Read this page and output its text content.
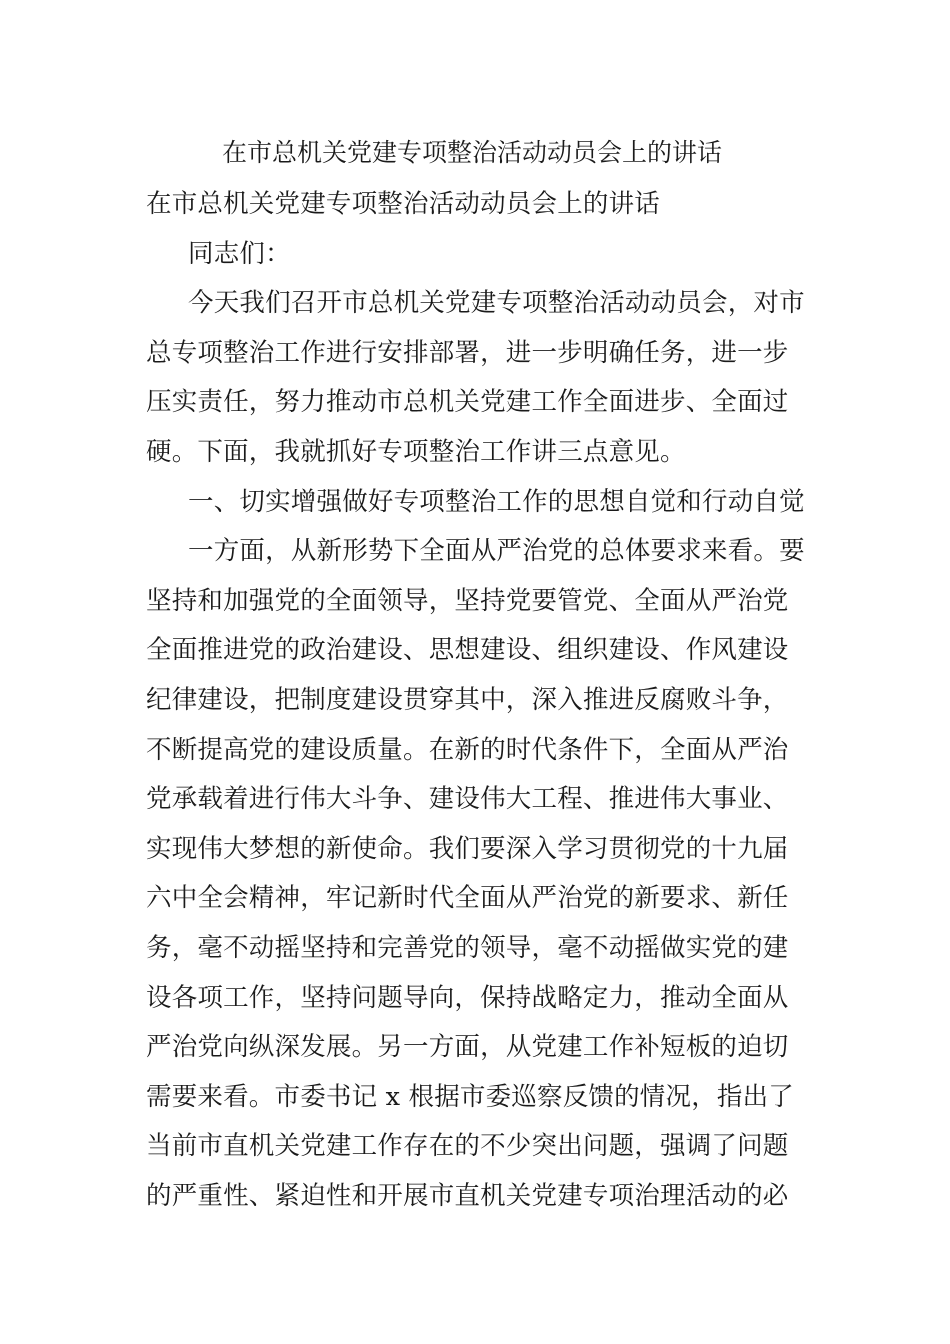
在市总机关党建专项整治活动动员会上的讲话
在市总机关党建专项整治活动动员会上的讲话
同志们：
今天我们召开市总机关党建专项整治活动动员会，对市
总专项整治工作进行安排部署，进一步明确任务，进一步
压实责任，努力推动市总机关党建工作全面进步、全面过
硬。下面，我就抓好专项整治工作讲三点意见。
一、切实增强做好专项整治工作的思想自觉和行动自觉
一方面，从新形势下全面从严治党的总体要求来看。要
坚持和加强党的全面领导，坚持党要管党、全面从严治党
全面推进党的政治建设、思想建设、组织建设、作风建设
纪律建设，把制度建设贯穿其中，深入推进反腐败斗争，
不断提高党的建设质量。在新的时代条件下，全面从严治
党承载着进行伟大斗争、建设伟大工程、推进伟大事业、
实现伟大梦想的新使命。我们要深入学习贯彻党的十九届
六中全会精神，牢记新时代全面从严治党的新要求、新任
务，毫不动摇坚持和完善党的领导，毫不动摇做实党的建
设各项工作，坚持问题导向，保持战略定力，推动全面从
严治党向纵深发展。另一方面，从党建工作补短板的迫切
需要来看。市委书记 x 根据市委巡察反馈的情况，指出了
当前市直机关党建工作存在的不少突出问题，强调了问题
的严重性、紧迫性和开展市直机关党建专项治理活动的必
